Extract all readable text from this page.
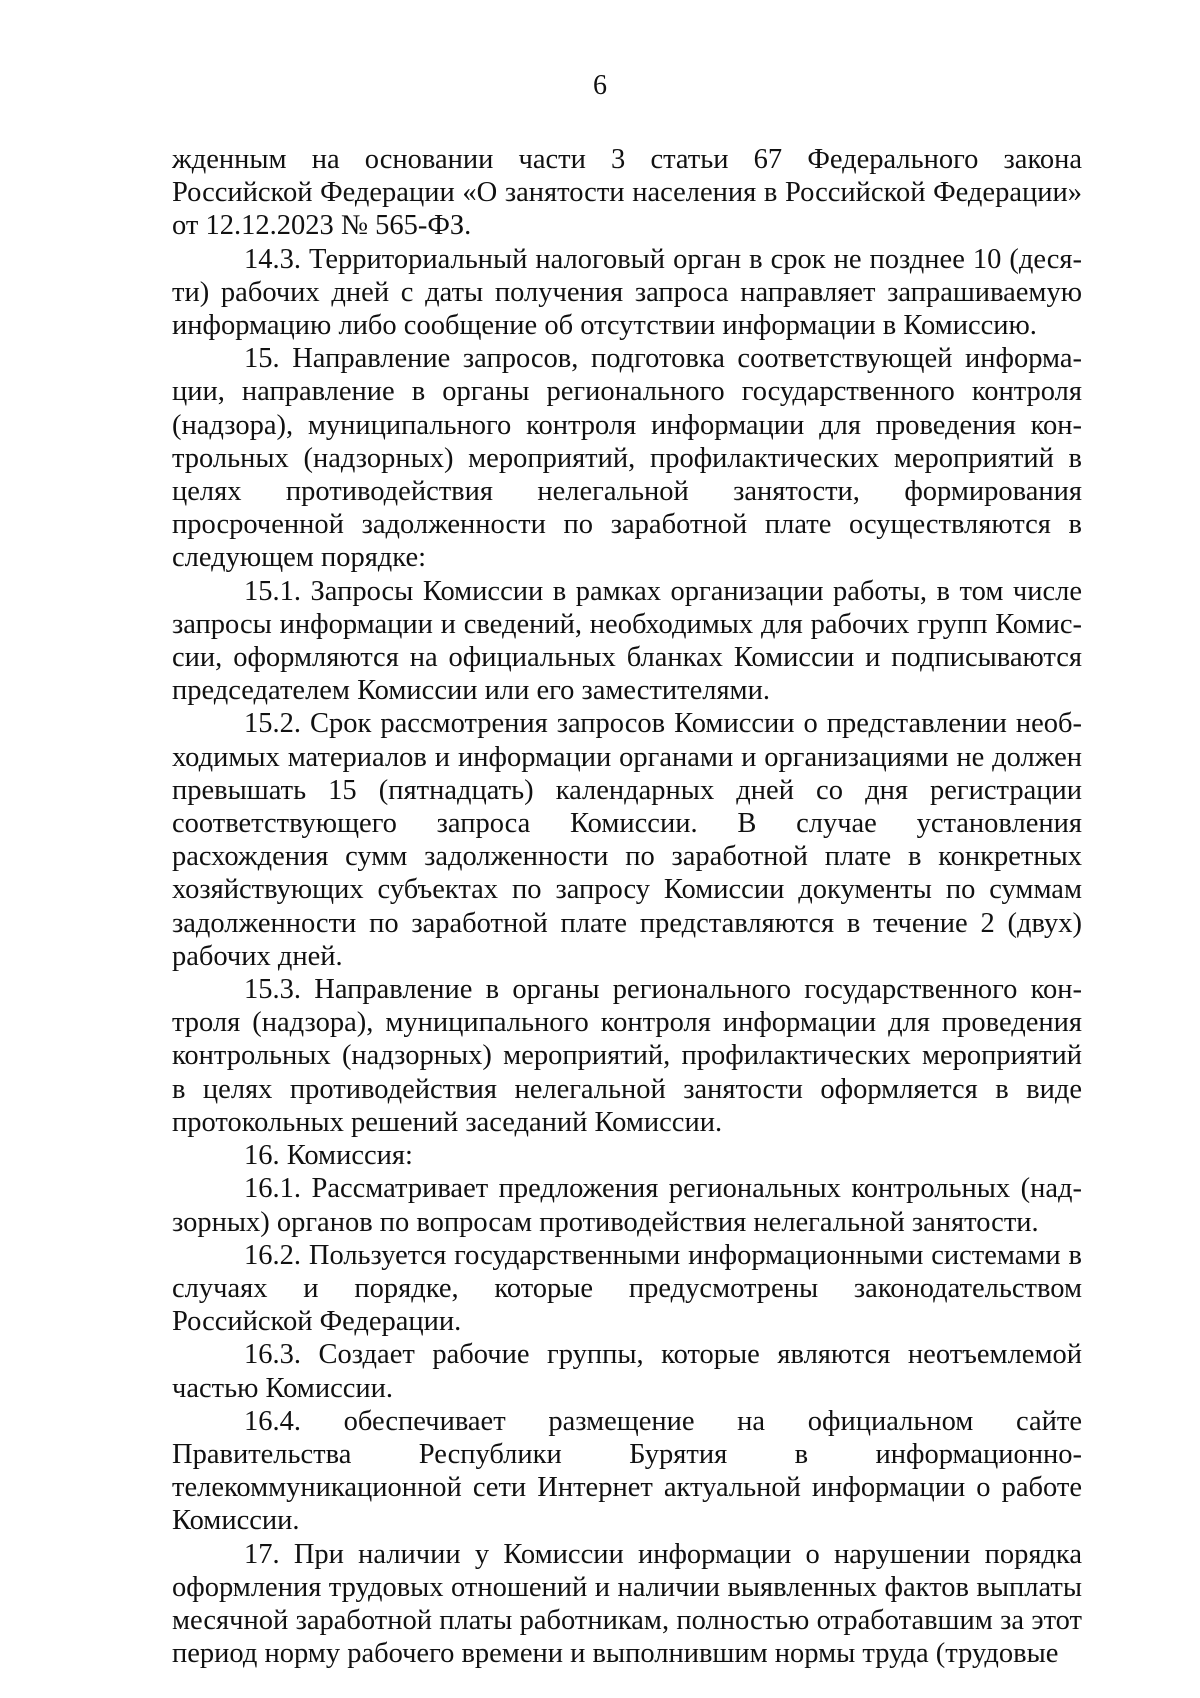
6

жденным на основании части 3 статьи 67 Федерального закона Российской Федерации «О занятости населения в Российской Федерации» от 12.12.2023 № 565-ФЗ.

14.3. Территориальный налоговый орган в срок не позднее 10 (десяти) рабочих дней с даты получения запроса направляет запрашиваемую информацию либо сообщение об отсутствии информации в Комиссию.

15. Направление запросов, подготовка соответствующей информации, направление в органы регионального государственного контроля (надзора), муниципального контроля информации для проведения контрольных (надзорных) мероприятий, профилактических мероприятий в целях противодействия нелегальной занятости, формирования просроченной задолженности по заработной плате осуществляются в следующем порядке:

15.1. Запросы Комиссии в рамках организации работы, в том числе запросы информации и сведений, необходимых для рабочих групп Комиссии, оформляются на официальных бланках Комиссии и подписываются председателем Комиссии или его заместителями.

15.2. Срок рассмотрения запросов Комиссии о представлении необходимых материалов и информации органами и организациями не должен превышать 15 (пятнадцать) календарных дней со дня регистрации соответствующего запроса Комиссии. В случае установления расхождения сумм задолженности по заработной плате в конкретных хозяйствующих субъектах по запросу Комиссии документы по суммам задолженности по заработной плате представляются в течение 2 (двух) рабочих дней.

15.3. Направление в органы регионального государственного контроля (надзора), муниципального контроля информации для проведения контрольных (надзорных) мероприятий, профилактических мероприятий в целях противодействия нелегальной занятости оформляется в виде протокольных решений заседаний Комиссии.

16. Комиссия:

16.1. Рассматривает предложения региональных контрольных (надзорных) органов по вопросам противодействия нелегальной занятости.

16.2. Пользуется государственными информационными системами в случаях и порядке, которые предусмотрены законодательством Российской Федерации.

16.3. Создает рабочие группы, которые являются неотъемлемой частью Комиссии.

16.4. обеспечивает размещение на официальном сайте Правительства Республики Бурятия в информационно-телекоммуникационной сети Интернет актуальной информации о работе Комиссии.

17. При наличии у Комиссии информации о нарушении порядка оформления трудовых отношений и наличии выявленных фактов выплаты месячной заработной платы работникам, полностью отработавшим за этот период норму рабочего времени и выполнившим нормы труда (трудовые
